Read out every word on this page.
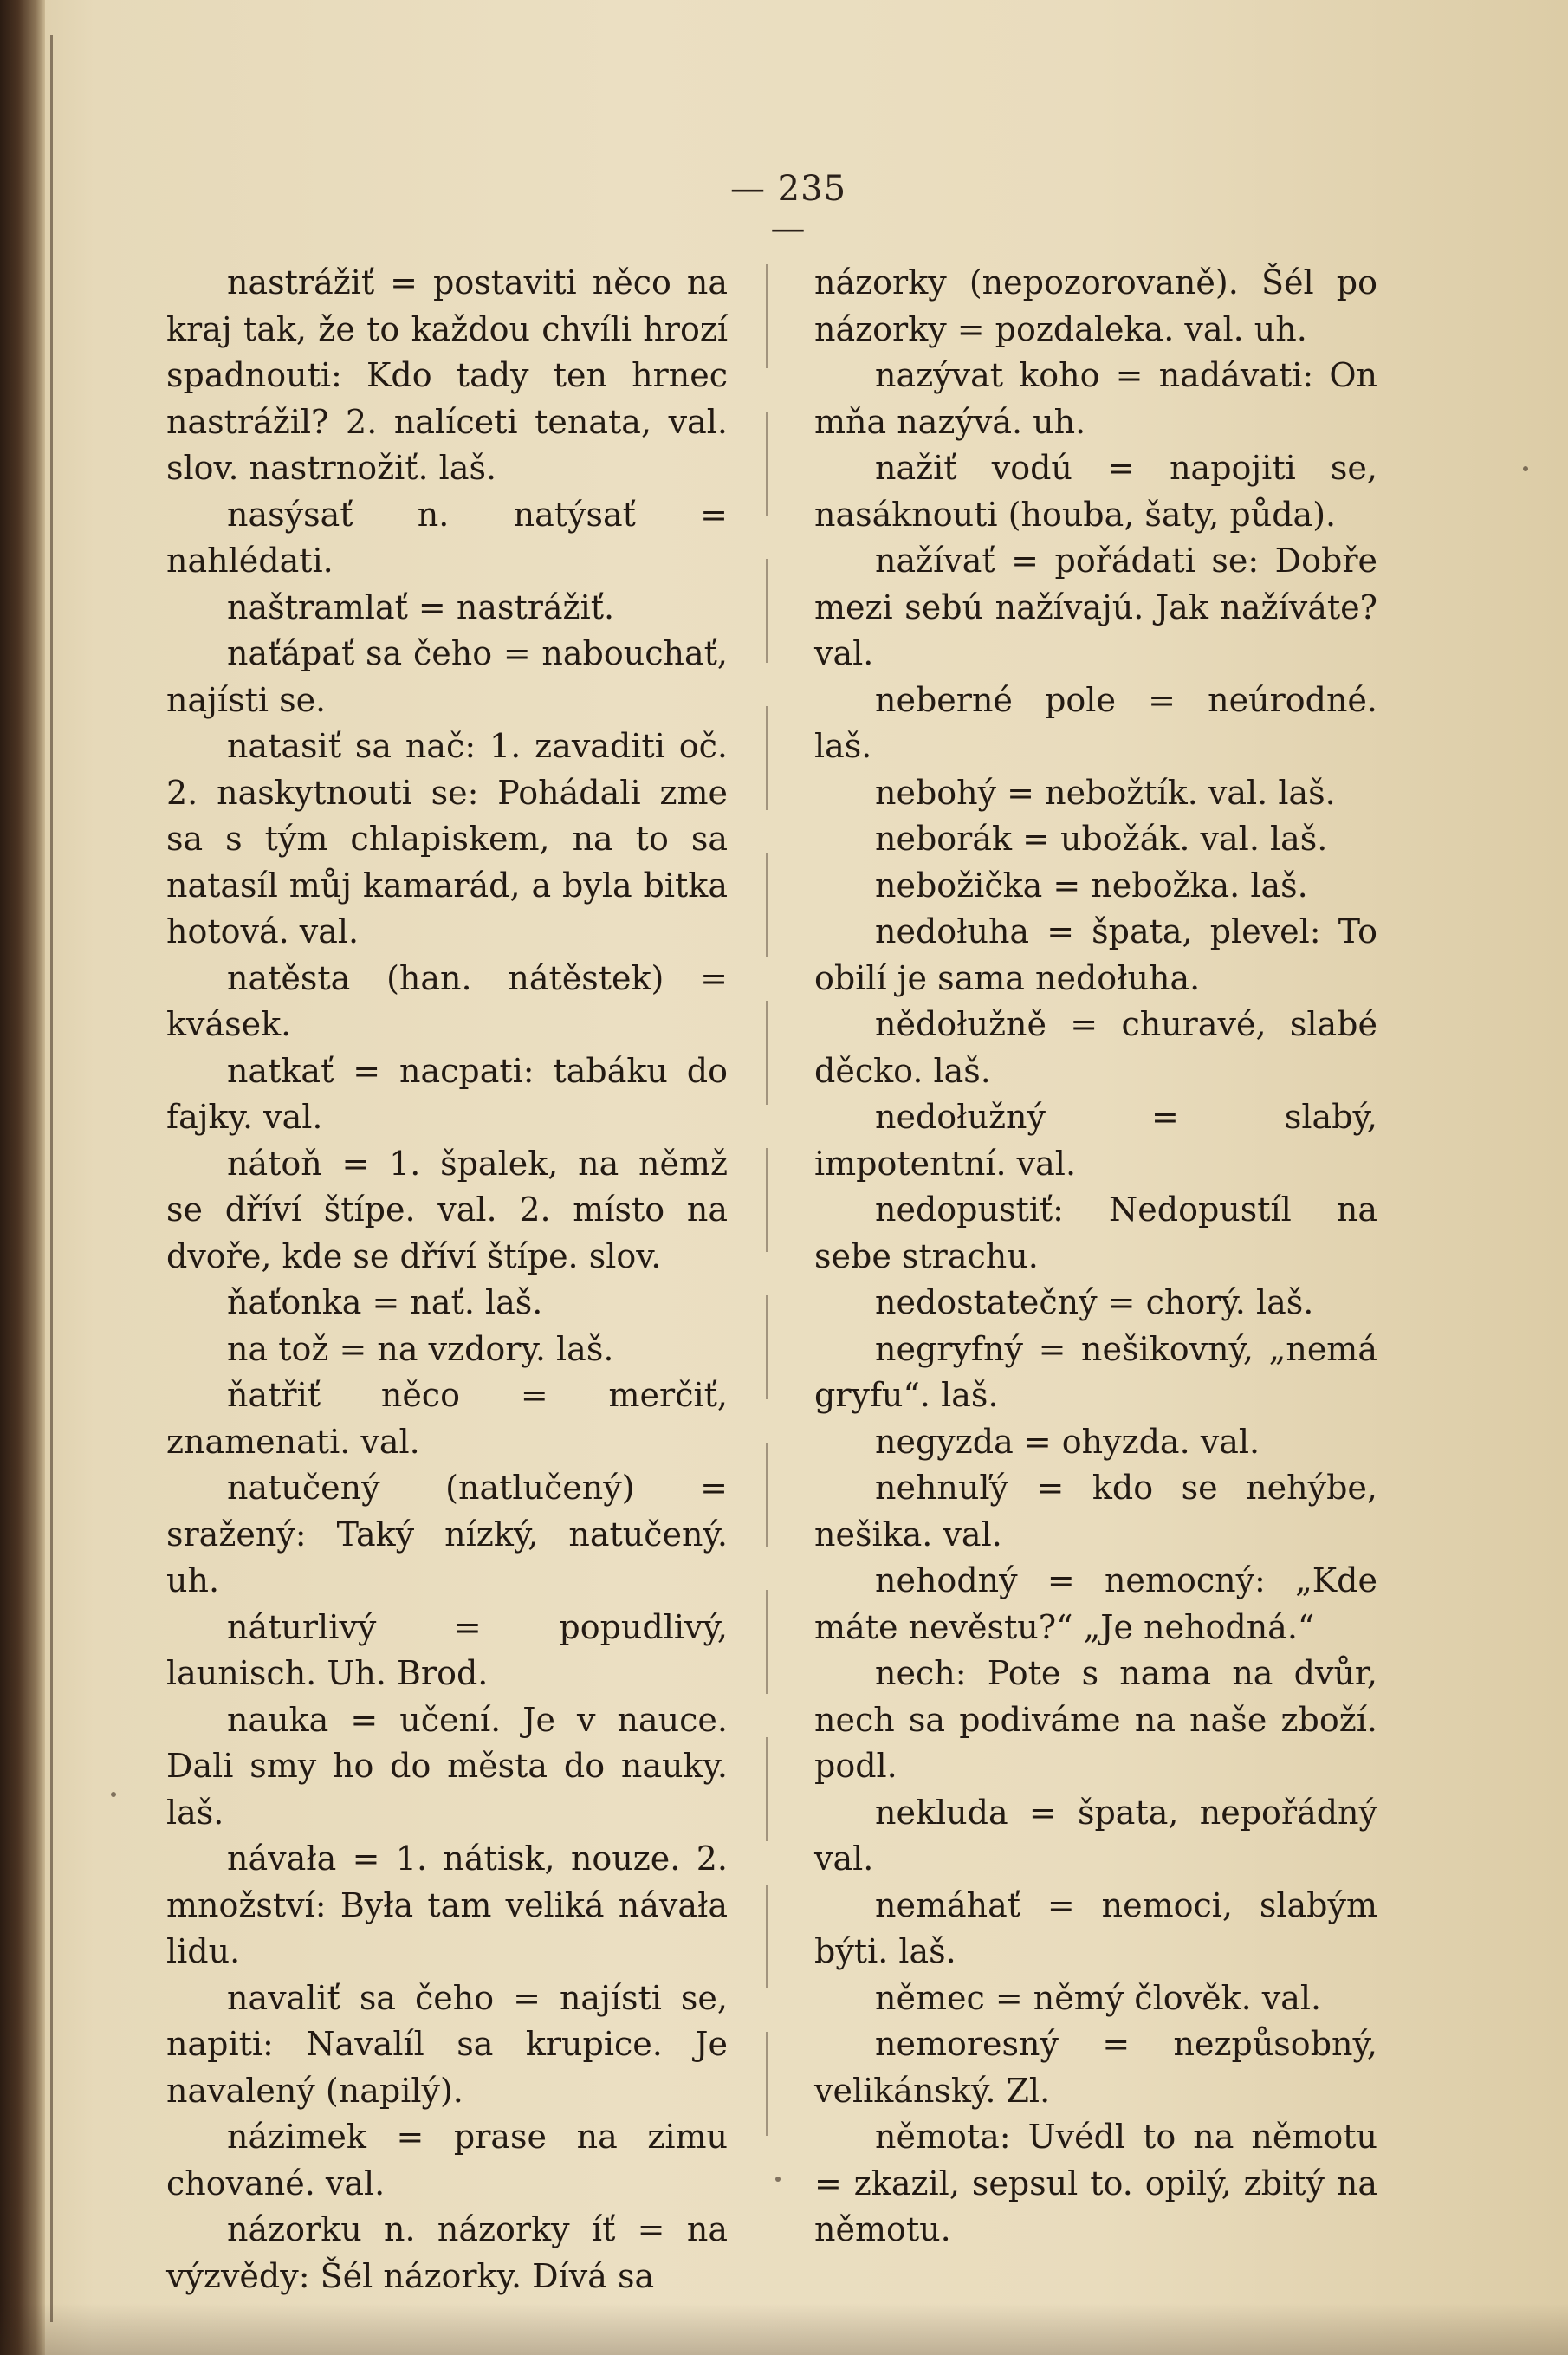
— 235 —

nastrážiť = postaviti něco na kraj tak, že to každou chvíli hrozí spadnouti: Kdo tady ten hrnec nastrážil? 2. nalíceti tenata, val. slov. nastrnožiť. laš.

nasýsať n. natýsať = nahlédati.

naštramlať = nastrážiť.

naťápať sa čeho = nabouchať, najísti se.

natasiť sa nač: 1. zavaditi oč. 2. naskytnouti se: Pohádali zme sa s tým chlapiskem, na to sa natasíl můj kamarád, a byla bitka hotová. val.

natěsta (han. nátěstek) = kvásek.

natkať = nacpati: tabáku do fajky. val.

nátoň = 1. špalek, na němž se dříví štípe. val. 2. místo na dvoře, kde se dříví štípe. slov.

ňaťonka = nať. laš.

na tož = na vzdory. laš.

ňatřiť něco = merčiť, znamenati. val.

natučený (natlučený) = sražený: Taký nízký, natučený. uh.

náturlivý = popudlivý, launisch. Uh. Brod.

nauka = učení. Je v nauce. Dali smy ho do města do nauky. laš.

návała = 1. nátisk, nouze. 2. množství: Była tam veliká návała lidu.

navaliť sa čeho = najísti se, napiti: Navalíl sa krupice. Je navalený (napilý).

názimek = prase na zimu chované. val.

názorku n. názorky íť = na výzvědy: Šél názorky. Dívá sa

názorky (nepozorovaně). Šél po názorky = pozdaleka. val. uh.

nazývat koho = nadávati: On mňa nazývá. uh.

nažiť vodú = napojiti se, nasáknouti (houba, šaty, půda).

nažívať = pořádati se: Dobře mezi sebú nažívajú. Jak nažíváte? val.

neberné pole = neúrodné. laš.

nebohý = nebožtík. val. laš.

neborák = ubožák. val. laš.

nebožička = nebožka. laš.

nedołuha = špata, plevel: To obilí je sama nedołuha.

nědołužně = churavé, slabé děcko. laš.

nedołužný = slabý, impotentní. val.

nedopustiť: Nedopustíl na sebe strachu.

nedostatečný = chorý. laš.

negryfný = nešikovný, „nemá gryfu“. laš.

negyzda = ohyzda. val.

nehnuľý = kdo se nehýbe, nešika. val.

nehodný = nemocný: „Kde máte nevěstu?“ „Je nehodná.“

nech: Pote s nama na dvůr, nech sa podiváme na naše zboží. podl.

nekluda = špata, nepořádný val.

nemáhať = nemoci, slabým býti. laš.

němec = němý člověk. val.

nemoresný = nezpůsobný, velikánský. Zl.

němota: Uvédl to na němotu = zkazil, sepsul to. opilý, zbitý na němotu.
